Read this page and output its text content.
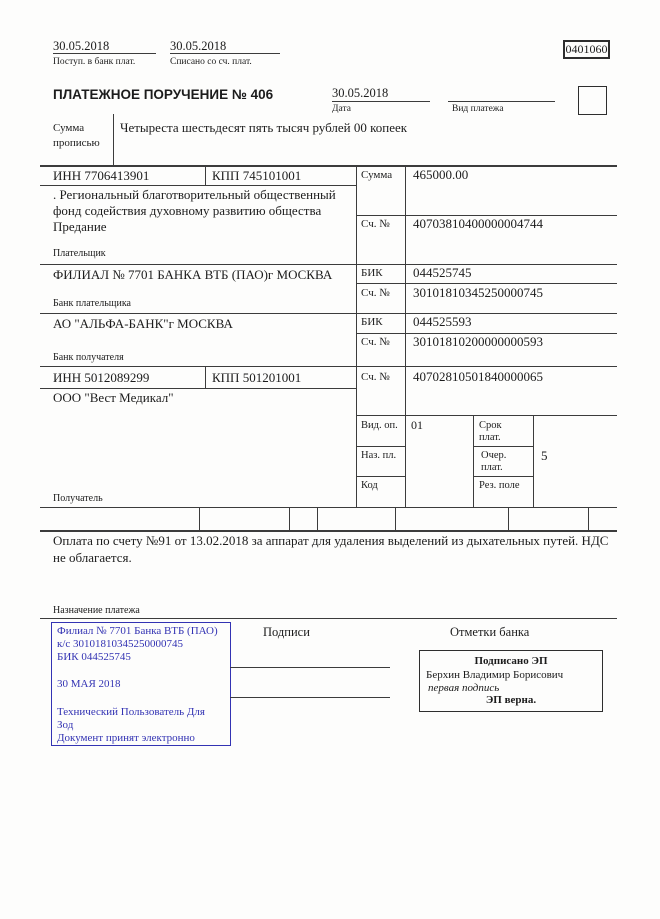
30.05.2018	30.05.2018
Поступ. в банк плат.	Списано со сч. плат.
0401060
ПЛАТЕЖНОЕ ПОРУЧЕНИЕ № 406	30.05.2018
Дата	Вид платежа
Сумма
прописью
Четыреста шестьдесят пять тысяч рублей 00 копеек
ИНН 7706413901	КПП 745101001	Сумма 465000.00
. Региональный благотворительный общественный
фонд содействия духовному развитию общества
Предание	Сч. № 40703810400000004744
Плательщик
ФИЛИАЛ № 7701 БАНКА ВТБ (ПАО)г МОСКВА	БИК 044525745
Сч. № 30101810345250000745
Банк плательщика
АО "АЛЬФА-БАНК"г МОСКВА	БИК 044525593
Сч. № 30101810200000000593
Банк получателя
ИНН 5012089299	КПП 501201001	Сч. № 40702810501840000065
ООО "Вест Медикал"
Получатель
Вид. оп. 01	Срок
плат.
Наз. пл.	Очер.
плат.
5
Код	Рез. поле
Оплата по счету №91 от 13.02.2018 за аппарат для удаления выделений из дыхательных путей. НДС
не облагается.
Назначение платежа
Филиал № 7701 Банка ВТБ (ПАО)
к/с 30101810345250000745
БИК 044525745
30 МАЯ 2018
Технический Пользователь Для
Зод
Документ принят электронно
Подписи	Отметки банка
Подписано ЭП
Берхин Владимир Борисович
первая подпись
ЭП верна.
